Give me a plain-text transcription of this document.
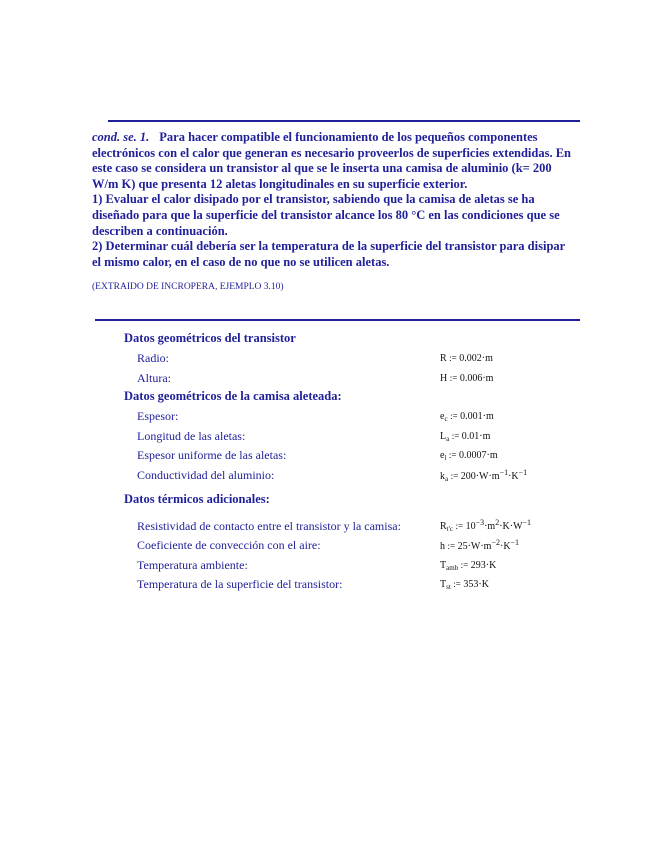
cond. se. 1. Para hacer compatible el funcionamiento de los pequeños componentes electrónicos con el calor que generan es necesario proveerlos de superficies extendidas. En este caso se considera un transistor al que se le inserta una camisa de aluminio (k= 200 W/m K) que presenta 12 aletas longitudinales en su superficie exterior.

1) Evaluar el calor disipado por el transistor, sabiendo que la camisa de aletas se ha diseñado para que la superficie del transistor alcance los 80 °C en las condiciones que se describen a continuación.

2) Determinar cuál debería ser la temperatura de la superficie del transistor para disipar el mismo calor, en el caso de no que no se utilicen aletas.

(EXTRAIDO DE INCROPERA, EJEMPLO 3.10)
Datos geométricos del transistor
Radio:	R := 0.002·m
Altura:	H := 0.006·m
Datos geométricos de la camisa aleteada:
Espesor:	$e_c$ := 0.001·m
Longitud de las aletas:	$L_a$ := 0.01·m
Espesor uniforme de las aletas:	$e_l$ := 0.0007·m
Conductividad del aluminio:	$k_a$ := $200\cdot W\cdot m^{-1}\cdot K^{-1}$
Datos térmicos adicionales:
Resistividad de contacto entre el transistor y la camisa:	$R_{t'c}$ := $10^{-3}\cdot m^2\cdot K\cdot W^{-1}$
Coeficiente de convección con el aire:	h := $25\cdot W\cdot m^{-2}\cdot K^{-1}$
Temperatura ambiente:	$T_{amb}$ := 293·K
Temperatura de la superficie del transistor:	$T_{st}$ := 353·K
